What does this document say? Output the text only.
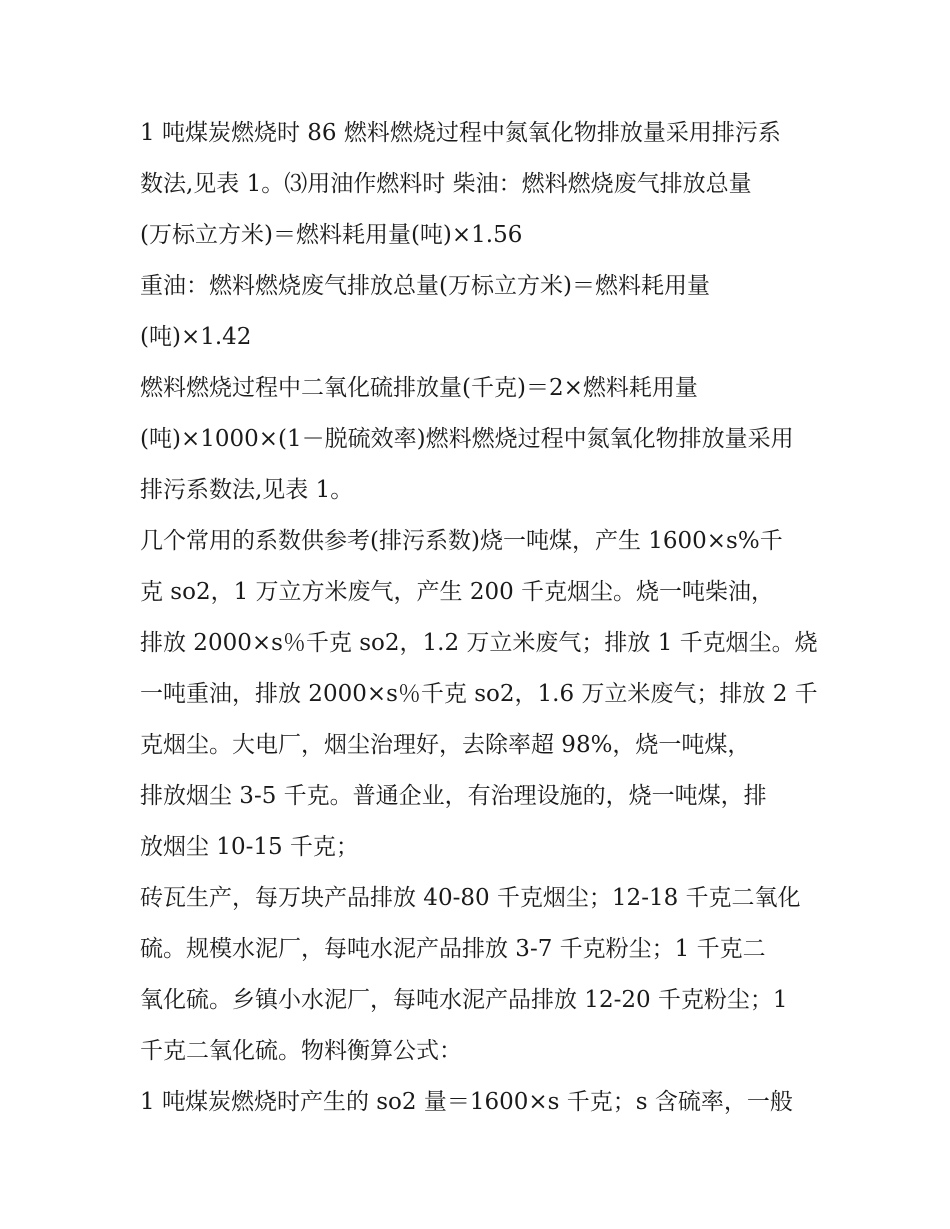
1 吨煤炭燃烧时 86 燃料燃烧过程中氮氧化物排放量采用排污系
数法,见表 1。⑶用油作燃料时 柴油：燃料燃烧废气排放总量
(万标立方米)＝燃料耗用量(吨)×1.56
重油：燃料燃烧废气排放总量(万标立方米)＝燃料耗用量
(吨)×1.42
燃料燃烧过程中二氧化硫排放量(千克)＝2×燃料耗用量
(吨)×1000×(1－脱硫效率)燃料燃烧过程中氮氧化物排放量采用
排污系数法,见表 1。
几个常用的系数供参考(排污系数)烧一吨煤，产生 1600×s%千
克 so2，1 万立方米废气，产生 200 千克烟尘。烧一吨柴油，
排放 2000×s％千克 so2，1.2 万立米废气；排放 1 千克烟尘。烧
一吨重油，排放 2000×s％千克 so2，1.6 万立米废气；排放 2 千
克烟尘。大电厂，烟尘治理好，去除率超 98%，烧一吨煤，
排放烟尘 3-5 千克。普通企业，有治理设施的，烧一吨煤，排
放烟尘 10-15 千克；
砖瓦生产，每万块产品排放 40-80 千克烟尘；12-18 千克二氧化
硫。规模水泥厂，每吨水泥产品排放 3-7 千克粉尘；1 千克二
氧化硫。乡镇小水泥厂，每吨水泥产品排放 12-20 千克粉尘；1
千克二氧化硫。物料衡算公式：
1 吨煤炭燃烧时产生的 so2 量＝1600×s 千克；s 含硫率，一般
